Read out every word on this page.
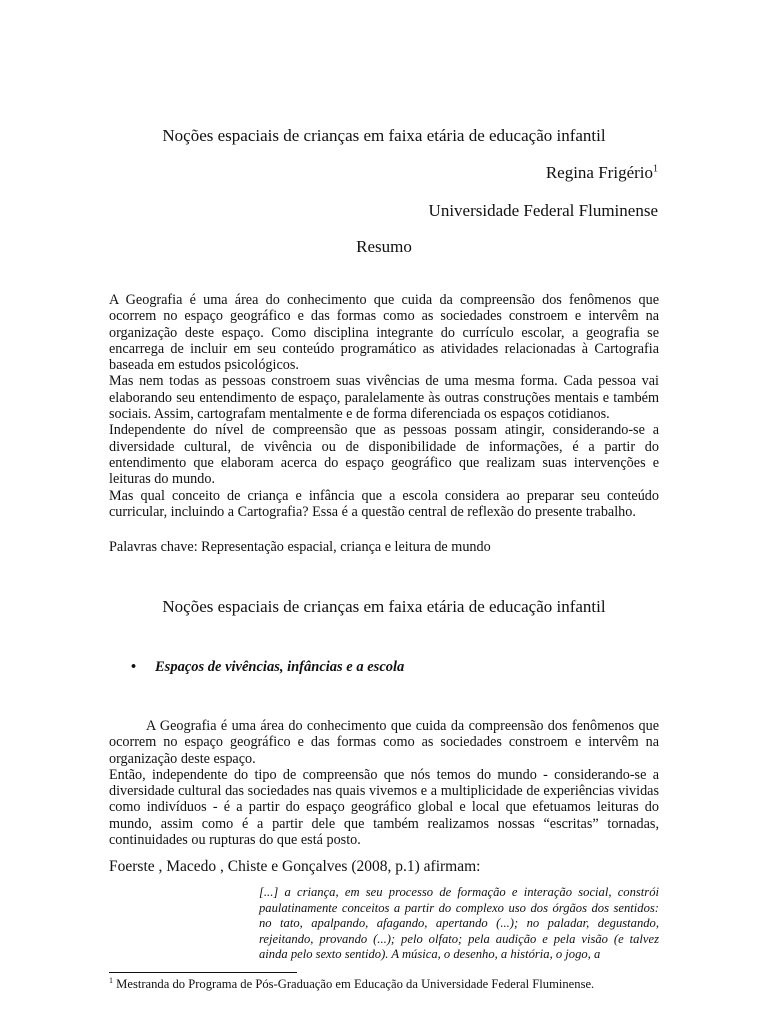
Noções espaciais de crianças em faixa etária de educação infantil
Regina Frigério$^1$
Universidade Federal Fluminense
Resumo

A Geografia é uma área do conhecimento que cuida da compreensão dos fenômenos que ocorrem no espaço geográfico e das formas como as sociedades constroem e intervêm na organização deste espaço. Como disciplina integrante do currículo escolar, a geografia se encarrega de incluir em seu conteúdo programático as atividades relacionadas à Cartografia baseada em estudos psicológicos.

Mas nem todas as pessoas constroem suas vivências de uma mesma forma. Cada pessoa vai elaborando seu entendimento de espaço, paralelamente às outras construções mentais e também sociais. Assim, cartografam mentalmente e de forma diferenciada os espaços cotidianos.

Independente do nível de compreensão que as pessoas possam atingir, considerando-se a diversidade cultural, de vivência ou de disponibilidade de informações, é a partir do entendimento que elaboram acerca do espaço geográfico que realizam suas intervenções e leituras do mundo.

Mas qual conceito de criança e infância que a escola considera ao preparar seu conteúdo curricular, incluindo a Cartografia? Essa é a questão central de reflexão do presente trabalho.

Palavras chave: Representação espacial, criança e leitura de mundo
Noções espaciais de crianças em faixa etária de educação infantil
• Espaços de vivências, infâncias e a escola

A Geografia é uma área do conhecimento que cuida da compreensão dos fenômenos que ocorrem no espaço geográfico e das formas como as sociedades constroem e intervêm na organização deste espaço.

Então, independente do tipo de compreensão que nós temos do mundo - considerando-se a diversidade cultural das sociedades nas quais vivemos e a multiplicidade de experiências vividas como indivíduos - é a partir do espaço geográfico global e local que efetuamos leituras do mundo, assim como é a partir dele que também realizamos nossas “escritas” tornadas, continuidades ou rupturas do que está posto.

Foerste , Macedo , Chiste e Gonçalves (2008, p.1) afirmam:
[...] a criança, em seu processo de formação e interação social, constrói paulatinamente conceitos a partir do complexo uso dos órgãos dos sentidos: no tato, apalpando, afagando, apertando (...); no paladar, degustando, rejeitando, provando (...); pelo olfato; pela audição e pela visão (e talvez ainda pelo sexto sentido). A música, o desenho, a história, o jogo, a
$^1$ Mestranda do Programa de Pós-Graduação em Educação da Universidade Federal Fluminense.
